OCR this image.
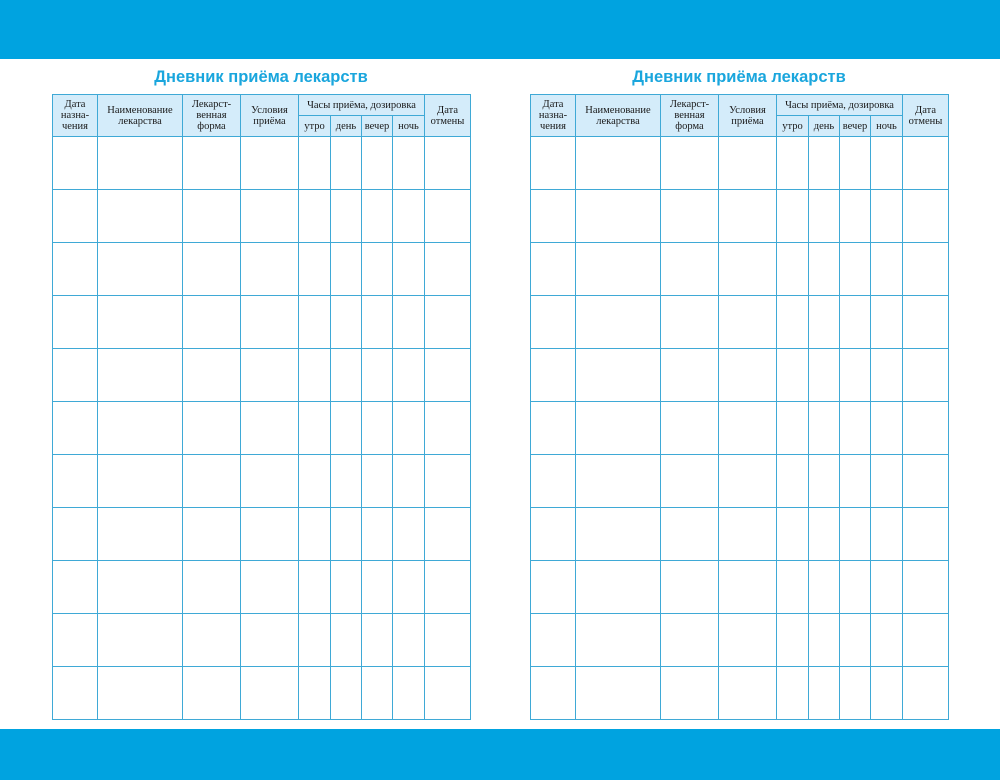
Дневник приёма лекарств
Дата назна-чения	Наименование лекарства	Лекарст-венная форма	Условия приёма	Часы приёма, дозировка				Дата отмены
				утро	день	вечер	ночь	

Дневник приёма лекарств
Дата назна-чения	Наименование лекарства	Лекарст-венная форма	Условия приёма	Часы приёма, дозировка				Дата отмены
				утро	день	вечер	ночь	
